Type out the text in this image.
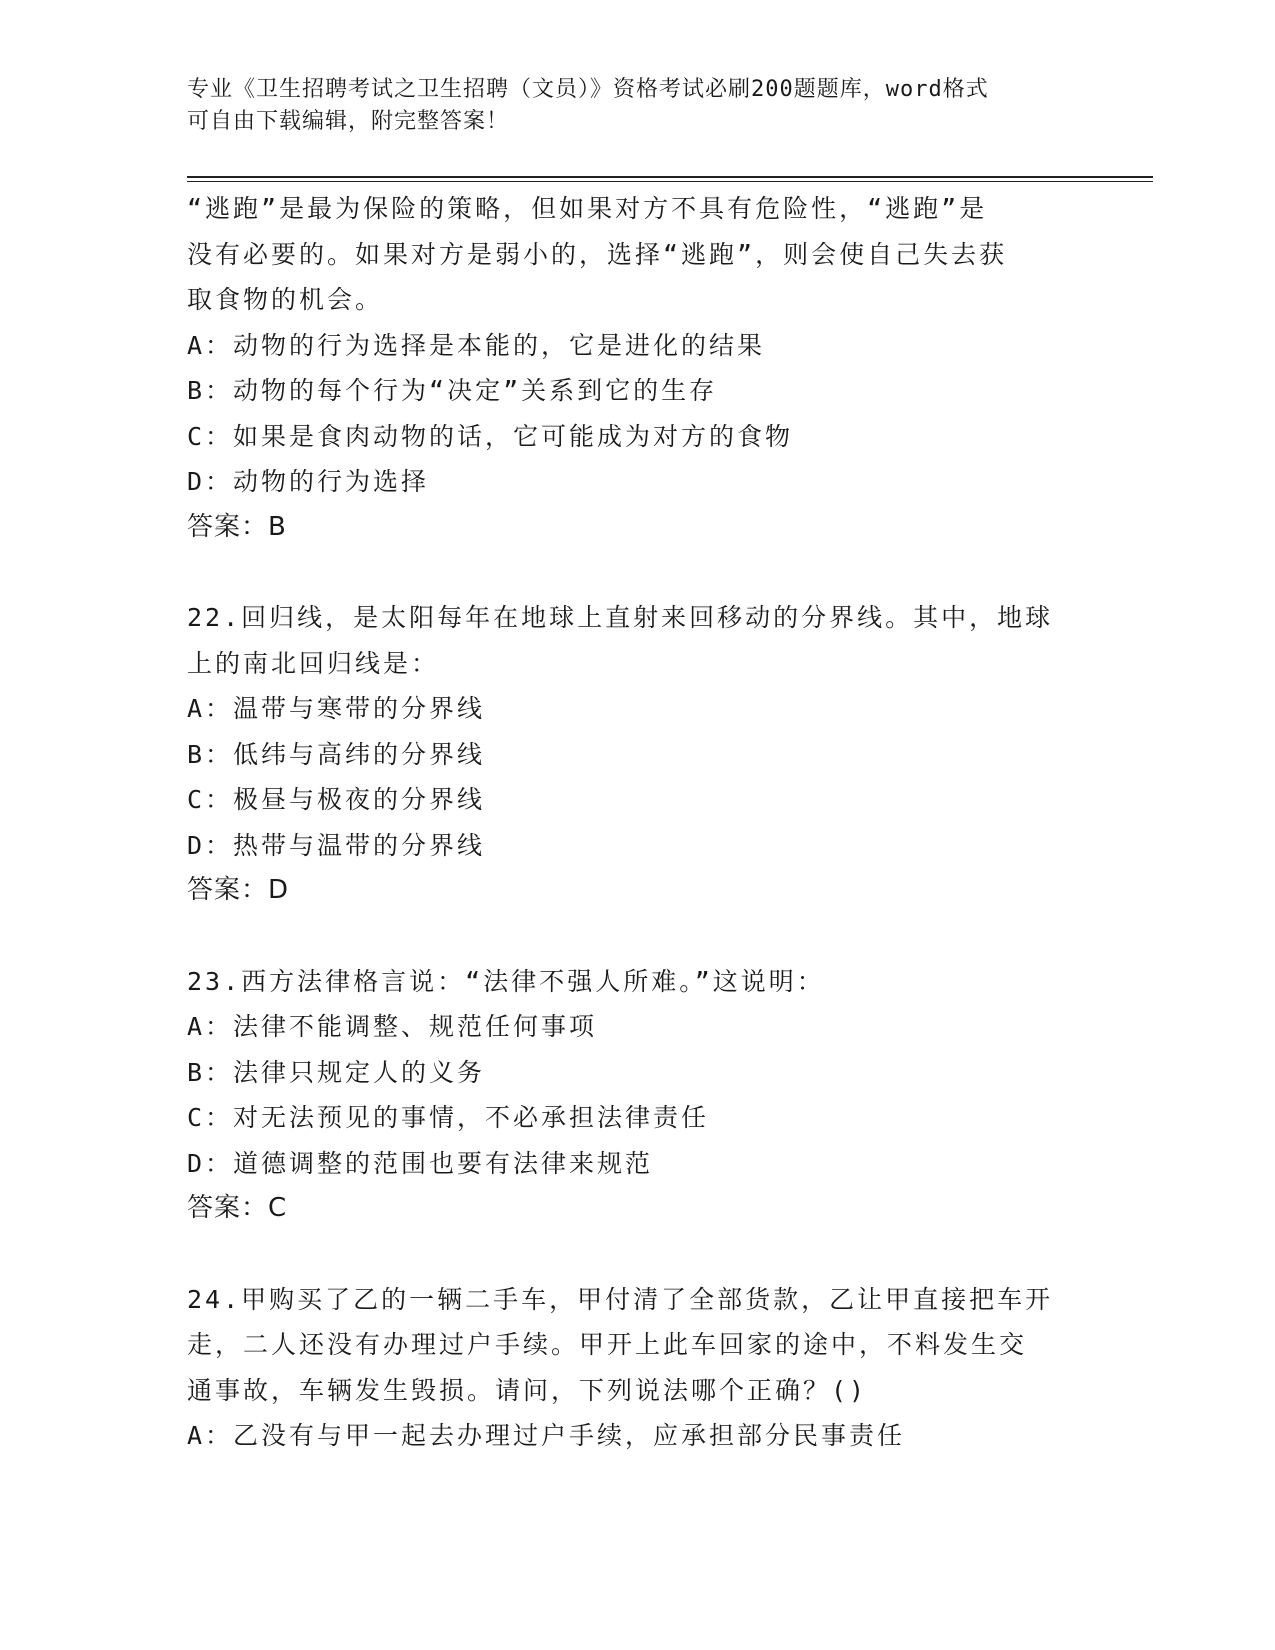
专业《卫生招聘考试之卫生招聘（文员）》资格考试必刷200题题库，word格式
可自由下载编辑，附完整答案！
“逃跑”是最为保险的策略，但如果对方不具有危险性，“逃跑”是
没有必要的。如果对方是弱小的，选择“逃跑”，则会使自己失去获
取食物的机会。
A：动物的行为选择是本能的，它是进化的结果
B：动物的每个行为“决定”关系到它的生存
C：如果是食肉动物的话，它可能成为对方的食物
D：动物的行为选择
答案：B
22.回归线，是太阳每年在地球上直射来回移动的分界线。其中，地球
上的南北回归线是：
A：温带与寒带的分界线
B：低纬与高纬的分界线
C：极昼与极夜的分界线
D：热带与温带的分界线
答案：D
23.西方法律格言说：“法律不强人所难。”这说明：
A：法律不能调整、规范任何事项
B：法律只规定人的义务
C：对无法预见的事情，不必承担法律责任
D：道德调整的范围也要有法律来规范
答案：C
24.甲购买了乙的一辆二手车，甲付清了全部货款，乙让甲直接把车开
走，二人还没有办理过户手续。甲开上此车回家的途中，不料发生交
通事故，车辆发生毁损。请问，下列说法哪个正确？()
A：乙没有与甲一起去办理过户手续，应承担部分民事责任
